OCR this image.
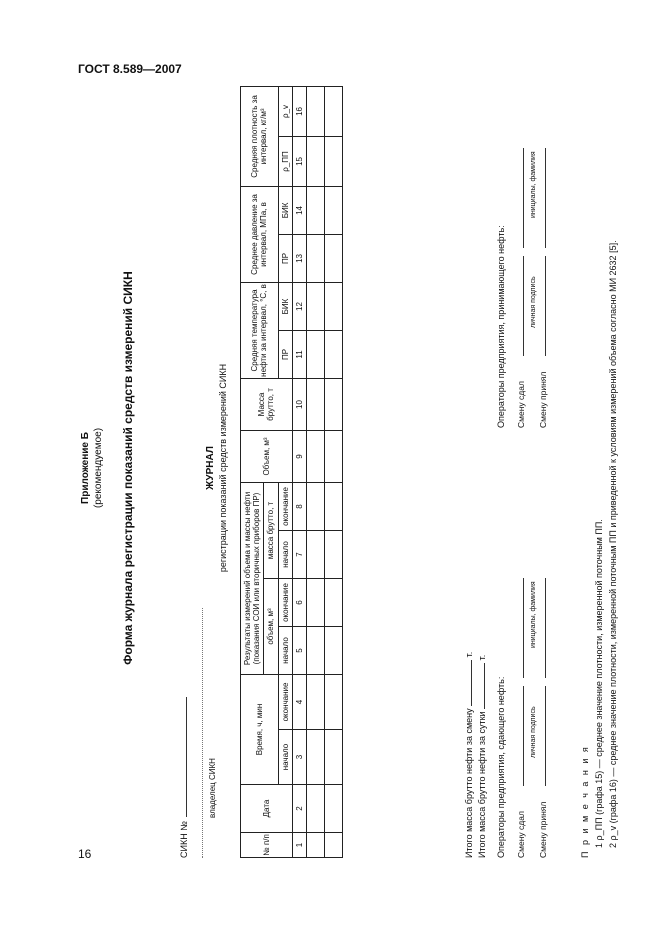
ГОСТ 8.589—2007
Приложение Б (рекомендуемое) Форма журнала регистрации показаний средств измерений СИКН
СИКН №
владелец СИКН
ЖУРНАЛ регистрации показаний средств измерений СИКН
№ п/п	Дата	Время, ч, мин		Результаты измерений объема и массы нефти (показания СОИ или вторичных приборов ПР)				Объем, м³	Масса брутто, т	Средняя температура нефти за интервал, °С, в		Среднее давление за интервал, МПа, в		Средняя плотность за интервал, кг/м³	
				объем, м³		масса брутто, т									
		начало	окончание	начало	окончание	начало	окончание			ПР	БИК	ПР	БИК	ρ_ПП	ρ_v
1	2	3	4	5	6	7	8	9	10	11	12	13	14	15	16

Итого масса брутто нефти за смену  т.
Итого масса брутто нефти за сутки  т.
Операторы предприятия, сдающего нефть:
Операторы предприятия, принимающего нефть:
Смену сдал
личная подпись
инициалы, фамилия
Смену сдал
личная подпись
инициалы, фамилия
Смену принял
Смену принял
П р и м е ч а н и я 1 ρ_ПП (графа 15) — среднее значение плотности, измеренной поточным ПП. 2 ρ_v (графа 16) — среднее значение плотности, измеренной поточным ПП и приведенной к условиям измерений объема согласно МИ 2632 [5].
16
